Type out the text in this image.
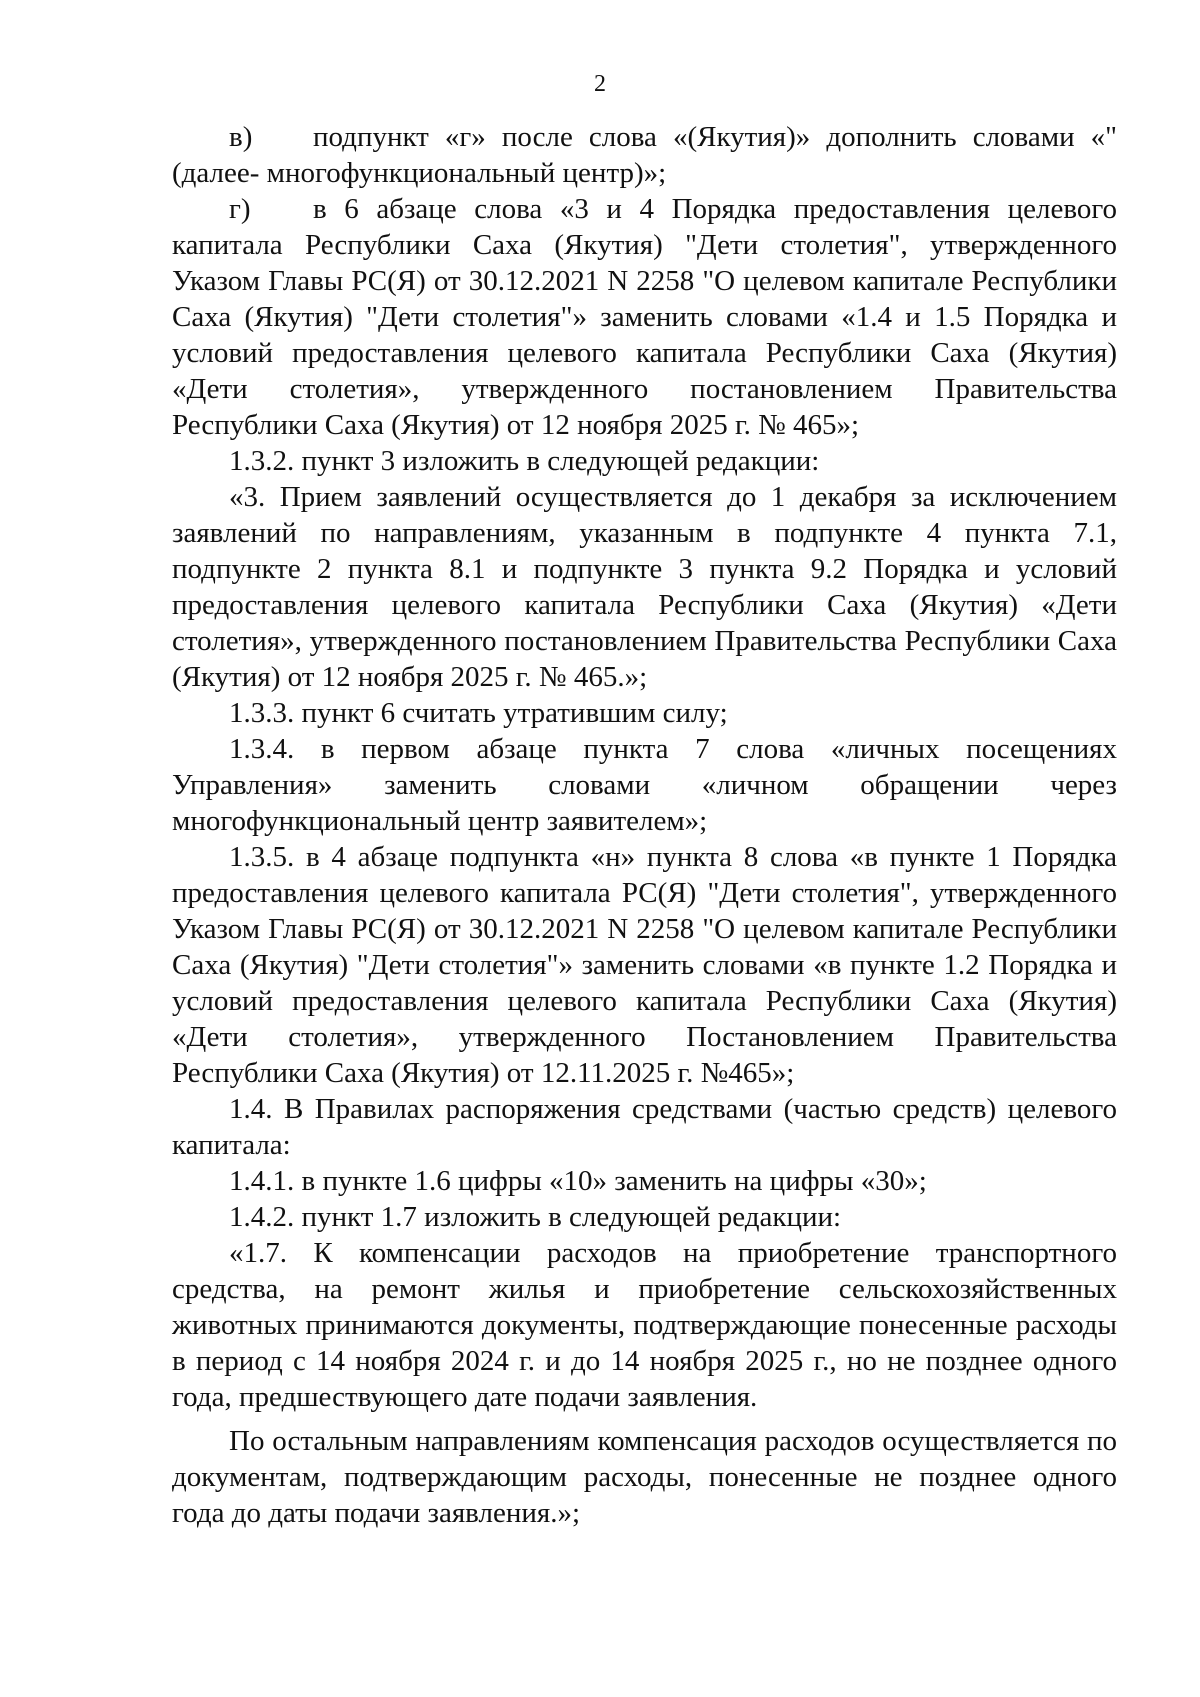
2

в) подпункт «г» после слова «(Якутия)» дополнить словами «" (далее- многофункциональный центр)»;

г) в 6 абзаце слова «3 и 4 Порядка предоставления целевого капитала Республики Саха (Якутия) "Дети столетия", утвержденного Указом Главы РС(Я) от 30.12.2021 N 2258 "О целевом капитале Республики Саха (Якутия) "Дети столетия"» заменить словами «1.4 и 1.5 Порядка и условий предоставления целевого капитала Республики Саха (Якутия) «Дети столетия», утвержденного постановлением Правительства Республики Саха (Якутия) от 12 ноября 2025 г. № 465»;

1.3.2. пункт 3 изложить в следующей редакции:

«3. Прием заявлений осуществляется до 1 декабря за исключением заявлений по направлениям, указанным в подпункте 4 пункта 7.1, подпункте 2 пункта 8.1 и подпункте 3 пункта 9.2 Порядка и условий предоставления целевого капитала Республики Саха (Якутия) «Дети столетия», утвержденного постановлением Правительства Республики Саха (Якутия) от 12 ноября 2025 г. № 465.»;

1.3.3. пункт 6 считать утратившим силу;

1.3.4. в первом абзаце пункта 7 слова «личных посещениях Управления» заменить словами «личном обращении через многофункциональный центр заявителем»;

1.3.5. в 4 абзаце подпункта «н» пункта 8 слова «в пункте 1 Порядка предоставления целевого капитала РС(Я) "Дети столетия", утвержденного Указом Главы РС(Я) от 30.12.2021 N 2258 "О целевом капитале Республики Саха (Якутия) "Дети столетия"» заменить словами «в пункте 1.2 Порядка и условий предоставления целевого капитала Республики Саха (Якутия) «Дети столетия», утвержденного Постановлением Правительства Республики Саха (Якутия) от 12.11.2025 г. №465»;

1.4. В Правилах распоряжения средствами (частью средств) целевого капитала:

1.4.1. в пункте 1.6 цифры «10» заменить на цифры «30»;

1.4.2. пункт 1.7 изложить в следующей редакции:

«1.7. К компенсации расходов на приобретение транспортного средства, на ремонт жилья и приобретение сельскохозяйственных животных принимаются документы, подтверждающие понесенные расходы в период с 14 ноября 2024 г. и до 14 ноября 2025 г., но не позднее одного года, предшествующего дате подачи заявления.

По остальным направлениям компенсация расходов осуществляется по документам, подтверждающим расходы, понесенные не позднее одного года до даты подачи заявления.»;
